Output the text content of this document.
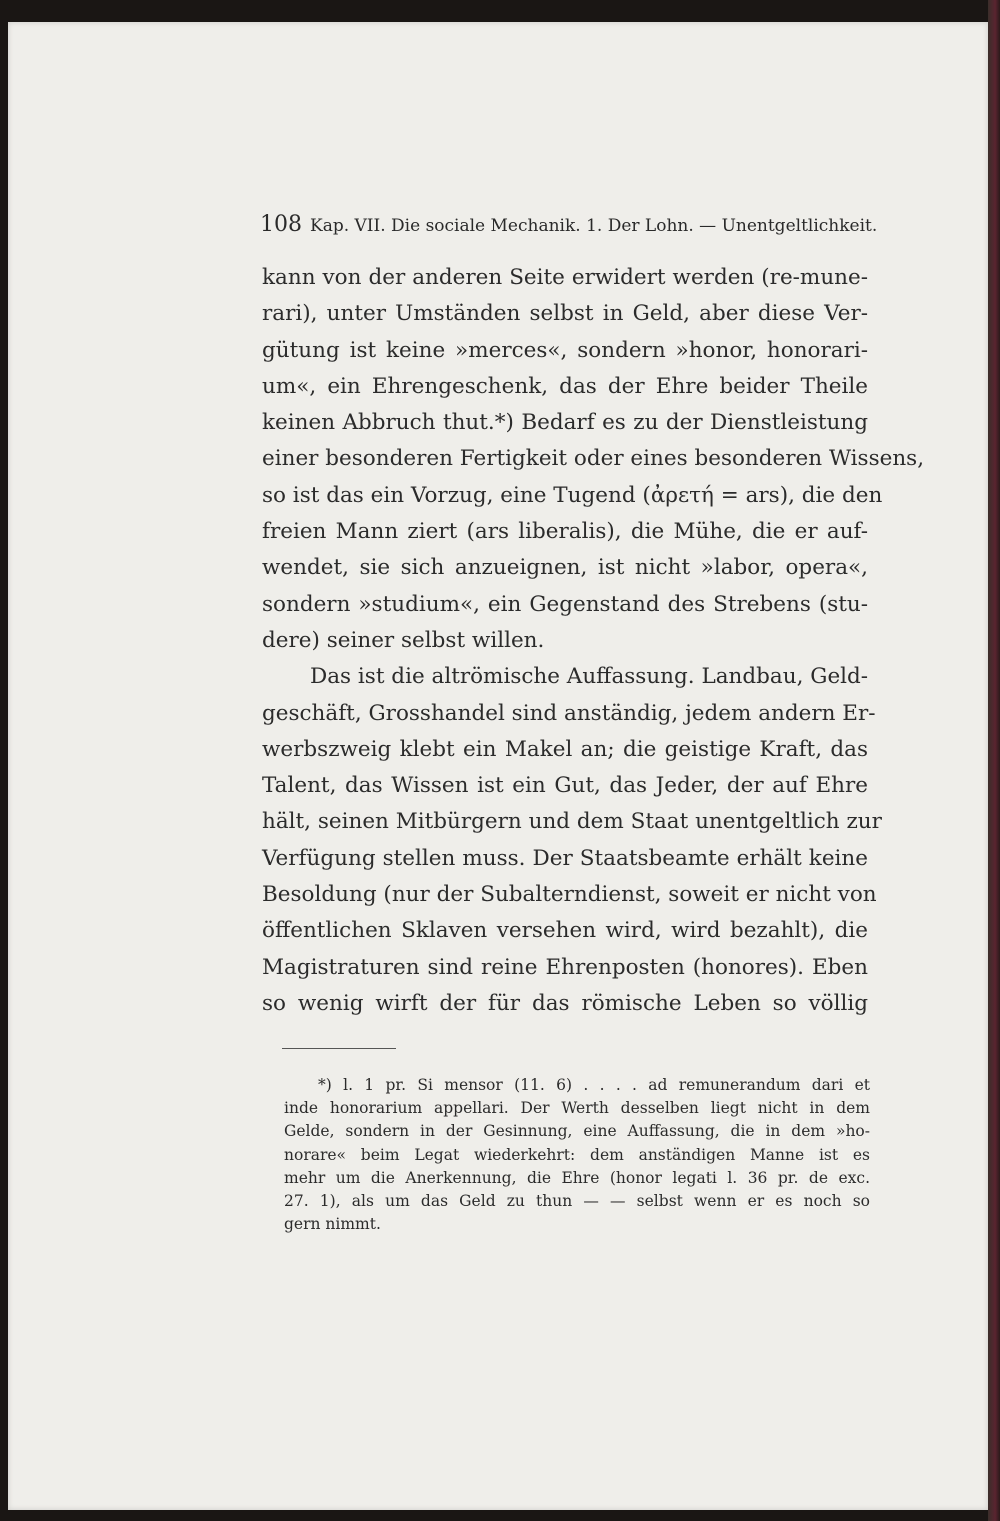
108 Kap. VII. Die sociale Mechanik. 1. Der Lohn. — Unentgeltlichkeit.
kann von der anderen Seite erwidert werden (re-mune-
rari), unter Umständen selbst in Geld, aber diese Ver-
gütung ist keine »merces«, sondern »honor, honorari-
um«, ein Ehrengeschenk, das der Ehre beider Theile
keinen Abbruch thut.*) Bedarf es zu der Dienstleistung
einer besonderen Fertigkeit oder eines besonderen Wissens,
so ist das ein Vorzug, eine Tugend (ἀρετή = ars), die den
freien Mann ziert (ars liberalis), die Mühe, die er auf-
wendet, sie sich anzueignen, ist nicht »labor, opera«,
sondern »studium«, ein Gegenstand des Strebens (stu-
dere) seiner selbst willen.
Das ist die altrömische Auffassung. Landbau, Geld-
geschäft, Grosshandel sind anständig, jedem andern Er-
werbszweig klebt ein Makel an; die geistige Kraft, das
Talent, das Wissen ist ein Gut, das Jeder, der auf Ehre
hält, seinen Mitbürgern und dem Staat unentgeltlich zur
Verfügung stellen muss. Der Staatsbeamte erhält keine
Besoldung (nur der Subalterndienst, soweit er nicht von
öffentlichen Sklaven versehen wird, wird bezahlt), die
Magistraturen sind reine Ehrenposten (honores). Eben
so wenig wirft der für das römische Leben so völlig
*) l. 1 pr. Si mensor (11. 6) . . . . ad remunerandum dari et
inde honorarium appellari. Der Werth desselben liegt nicht in dem
Gelde, sondern in der Gesinnung, eine Auffassung, die in dem »ho-
norare« beim Legat wiederkehrt: dem anständigen Manne ist es
mehr um die Anerkennung, die Ehre (honor legati l. 36 pr. de exc.
27. 1), als um das Geld zu thun — — selbst wenn er es noch so
gern nimmt.
